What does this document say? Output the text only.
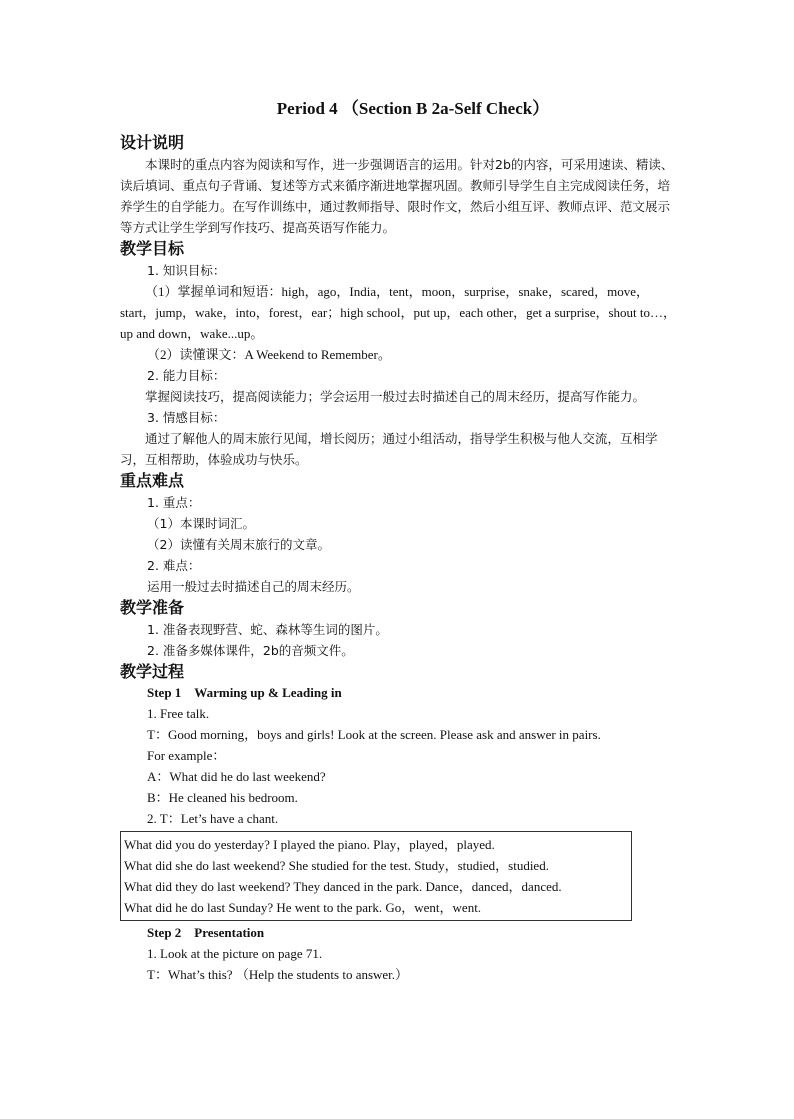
Period 4 （Section B 2a-Self Check）
设计说明

本课时的重点内容为阅读和写作，进一步强调语言的运用。针对2b的内容，可采用速读、精读、读后填词、重点句子背诵、复述等方式来循序渐进地掌握巩固。教师引导学生自主完成阅读任务，培养学生的自学能力。在写作训练中，通过教师指导、限时作文，然后小组互评、教师点评、范文展示等方式让学生学到写作技巧、提高英语写作能力。

教学目标

1. 知识目标：

（1）掌握单词和短语：high，ago，India，tent，moon，surprise，snake，scared，move，start，jump，wake，into，forest，ear；high school，put up，each other，get a surprise，shout to…，up and down，wake...up。

（2）读懂课文：A Weekend to Remember。

2. 能力目标：

掌握阅读技巧，提高阅读能力；学会运用一般过去时描述自己的周末经历，提高写作能力。

3. 情感目标：

通过了解他人的周末旅行见闻，增长阅历；通过小组活动，指导学生积极与他人交流，互相学习，互相帮助，体验成功与快乐。

重点难点

1. 重点：

（1）本课时词汇。

（2）读懂有关周末旅行的文章。

2. 难点：

运用一般过去时描述自己的周末经历。

教学准备

1. 准备表现野营、蛇、森林等生词的图片。

2. 准备多媒体课件，2b的音频文件。

教学过程

Step 1　Warming up & Leading in

1. Free talk.

T：Good morning，boys and girls! Look at the screen. Please ask and answer in pairs.

For example：

A：What did he do last weekend?

B：He cleaned his bedroom.

2. T：Let’s have a chant.

What did you do yesterday? I played the piano. Play，played，played.

What did she do last weekend? She studied for the test. Study，studied，studied.

What did they do last weekend? They danced in the park. Dance，danced，danced.

What did he do last Sunday? He went to the park. Go，went，went.

Step 2　Presentation

1. Look at the picture on page 71.

T：What’s this? （Help the students to answer.）
